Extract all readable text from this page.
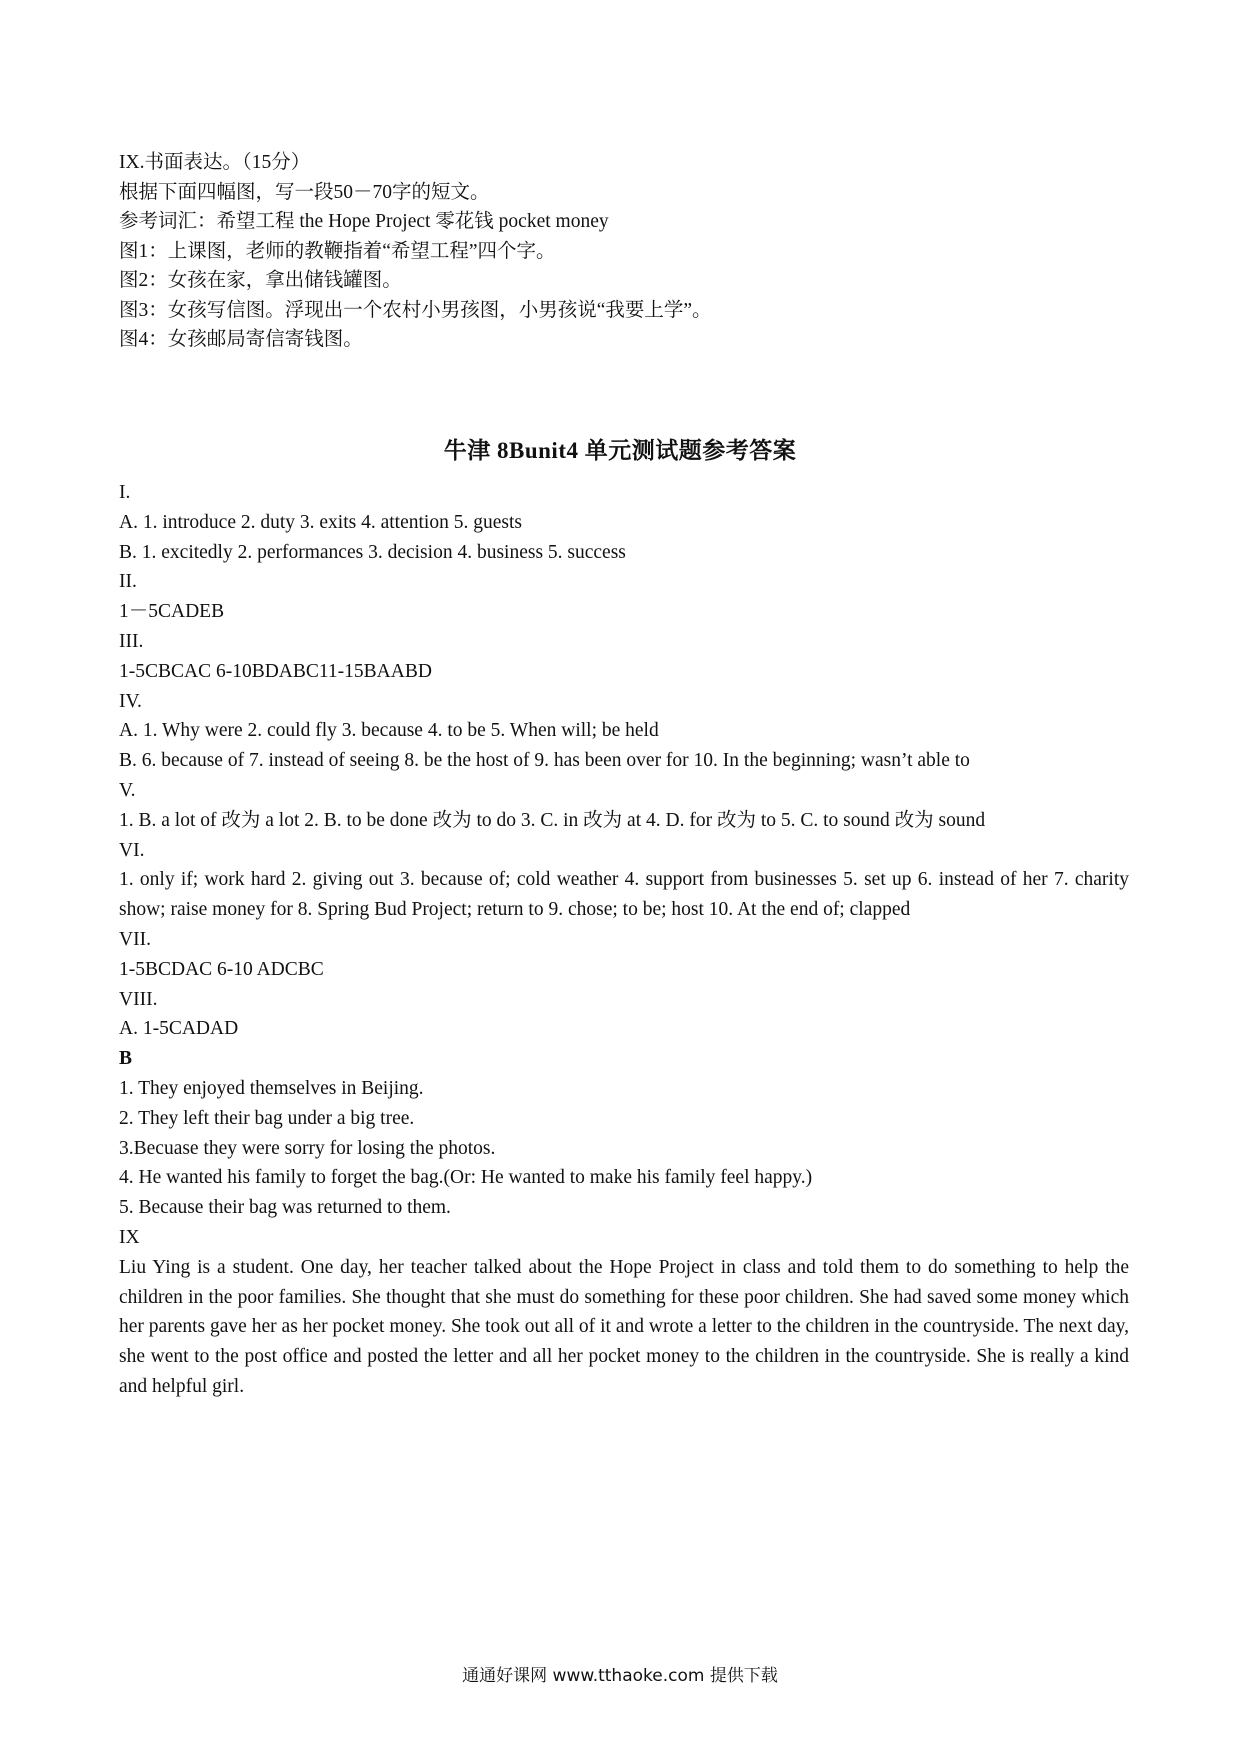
IX.书面表达。（15分）

根据下面四幅图，写一段50－70字的短文。

参考词汇：希望工程 the Hope Project 零花钱 pocket money

图1：上课图，老师的教鞭指着“希望工程”四个字。

图2：女孩在家，拿出储钱罐图。

图3：女孩写信图。浮现出一个农村小男孩图，小男孩说“我要上学”。

图4：女孩邮局寄信寄钱图。

牛津 8Bunit4 单元测试题参考答案

I.

A. 1. introduce 2. duty 3. exits 4. attention 5. guests

B. 1. excitedly 2. performances 3. decision 4. business 5. success

II.

1－5CADEB

III.

1-5CBCAC 6-10BDABC11-15BAABD

IV.

A. 1. Why were 2. could fly 3. because 4. to be 5. When will; be held

B. 6. because of 7. instead of seeing 8. be the host of 9. has been over for 10. In the beginning; wasn’t able to

V.

1. B. a lot of 改为 a lot 2. B. to be done 改为 to do 3. C. in 改为 at 4. D. for 改为 to 5. C. to sound 改为 sound

VI.

1. only if; work hard 2. giving out 3. because of; cold weather 4. support from businesses 5. set up 6. instead of her 7. charity show; raise money for 8. Spring Bud Project; return to 9. chose; to be; host 10. At the end of; clapped

VII.

1-5BCDAC 6-10 ADCBC

VIII.

A. 1-5CADAD

B

1. They enjoyed themselves in Beijing.

2. They left their bag under a big tree.

3.Becuase they were sorry for losing the photos.

4. He wanted his family to forget the bag.(Or: He wanted to make his family feel happy.)

5. Because their bag was returned to them.

IX

Liu Ying is a student. One day, her teacher talked about the Hope Project in class and told them to do something to help the children in the poor families. She thought that she must do something for these poor children. She had saved some money which her parents gave her as her pocket money. She took out all of it and wrote a letter to the children in the countryside. The next day, she went to the post office and posted the letter and all her pocket money to the children in the countryside. She is really a kind and helpful girl.

通通好课网 www.tthaoke.com 提供下载
